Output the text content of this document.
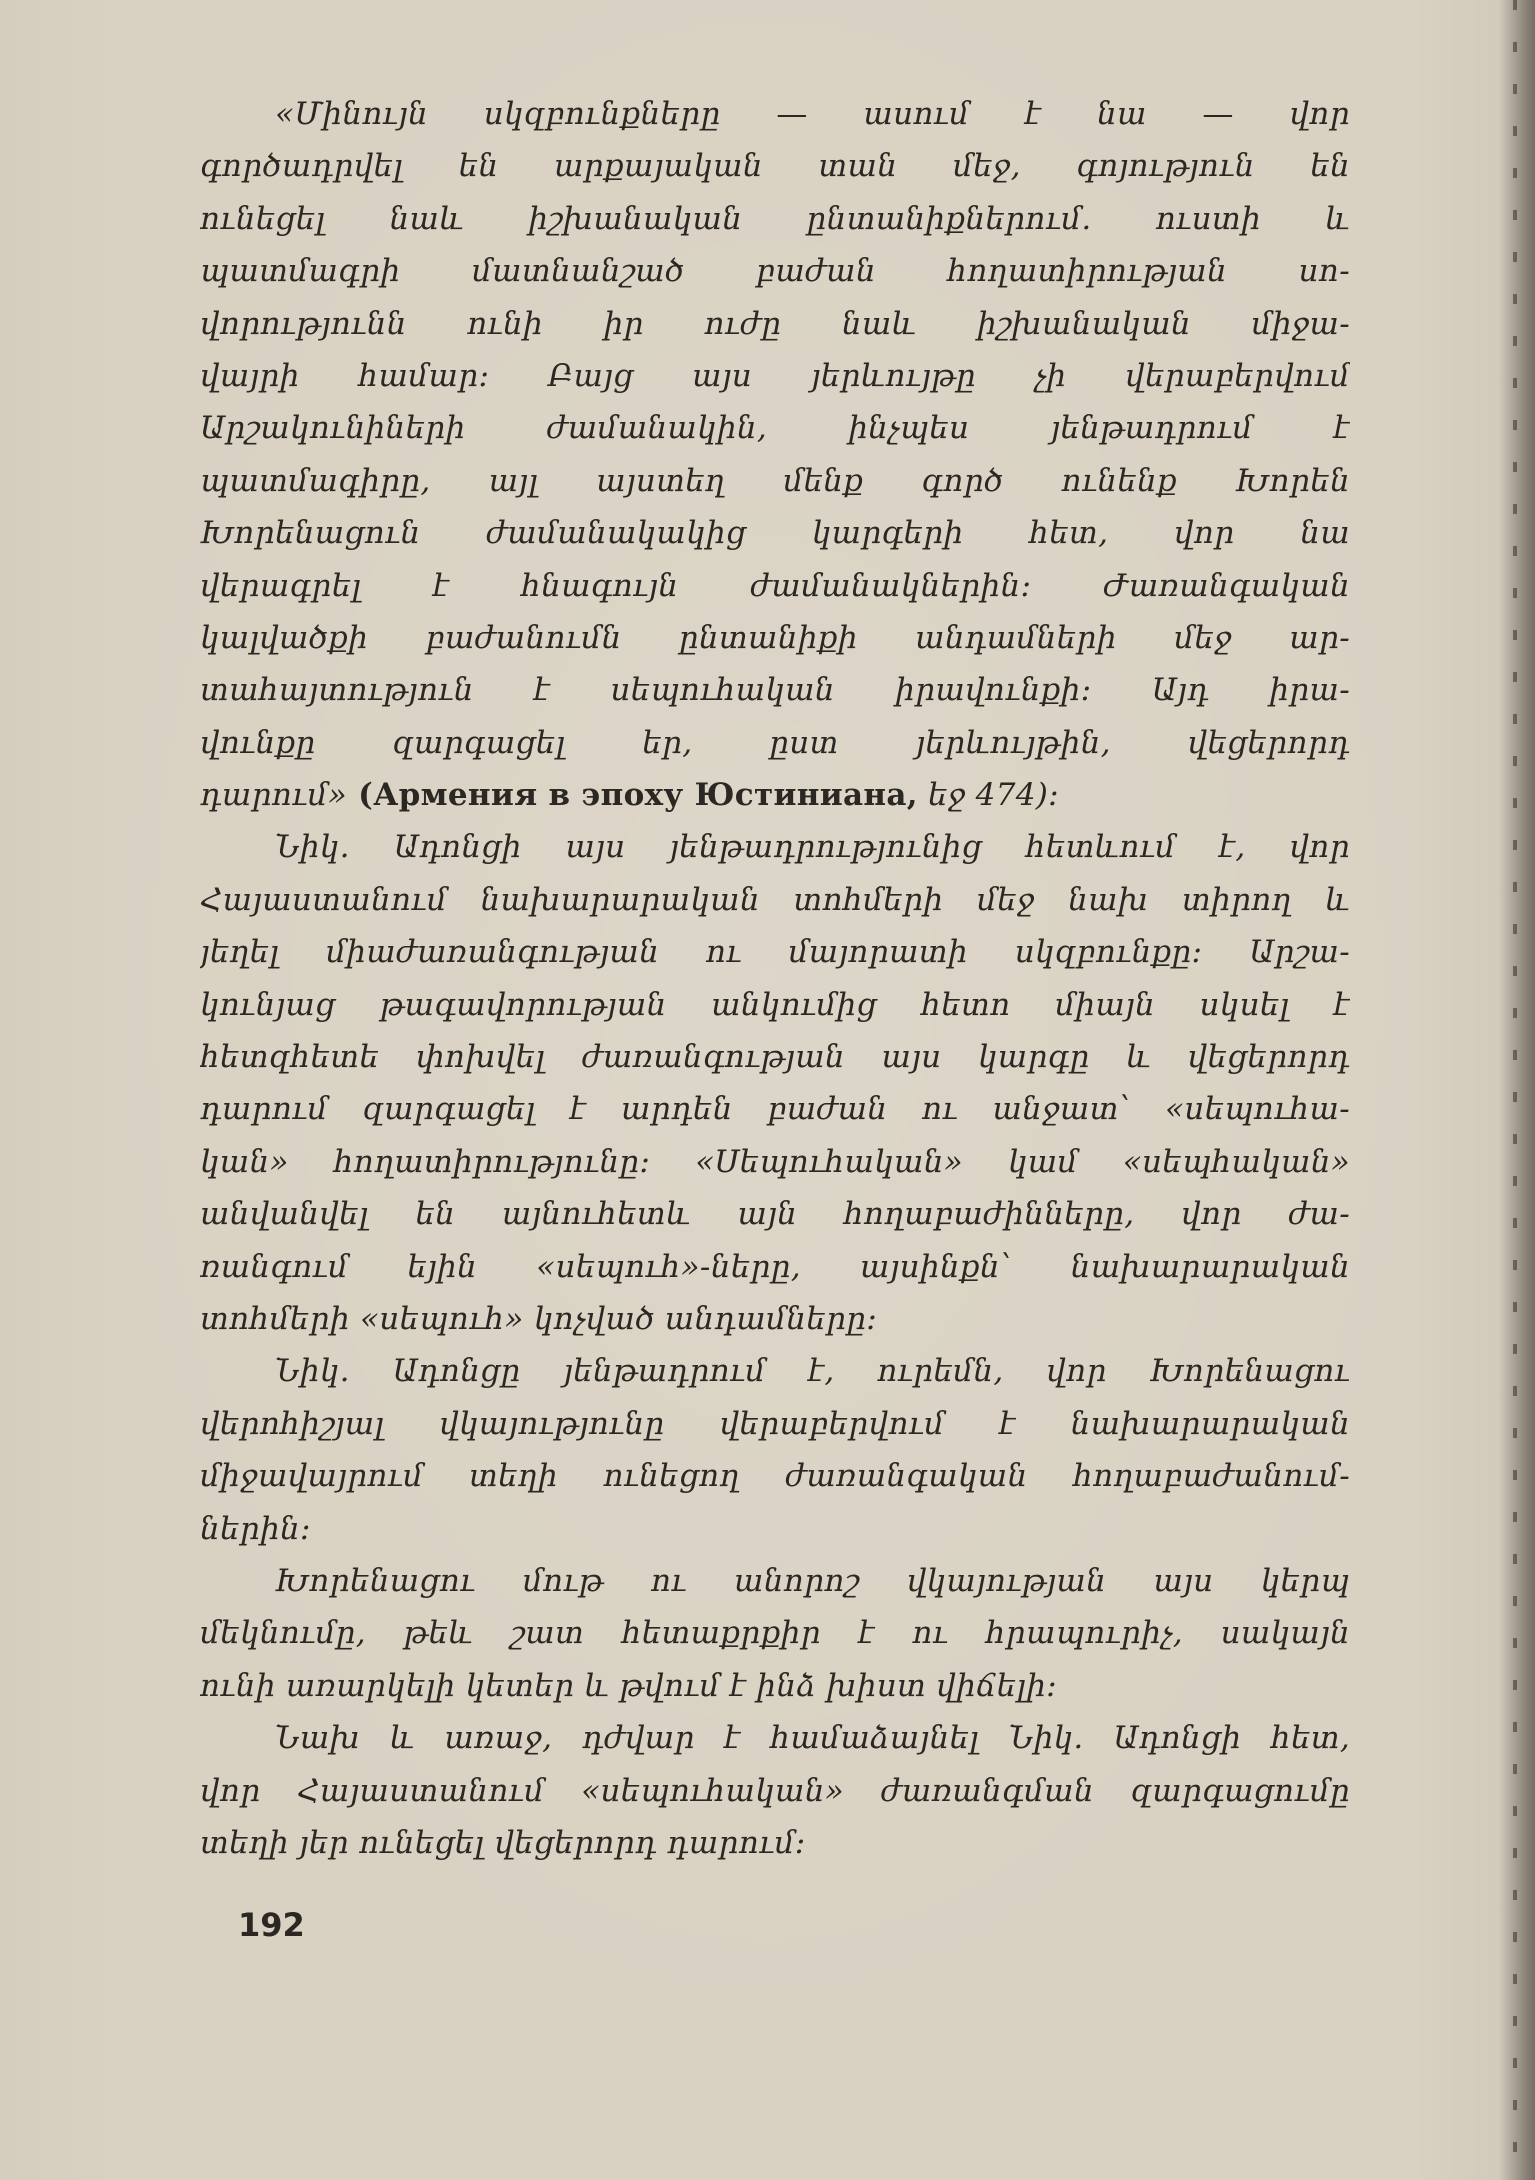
«Մինույն սկզբունքները — ասում է նա — վոր
գործադրվել են արքայական տան մեջ, գոյություն են
ունեցել նաև իշխանական ընտանիքներում. ուստի և
պատմագրի մատնանշած բաժան հողատիրության սո-
վորությունն ունի իր ուժը նաև իշխանական միջա-
վայրի համար։ Բայց այս յերևույթը չի վերաբերվում
Արշակունիների ժամանակին, ինչպես յենթադրում է
պատմագիրը, այլ այստեղ մենք գործ ունենք Խորեն
Խորենացուն ժամանակակից կարգերի հետ, վոր նա
վերագրել է հնագույն ժամանակներին։ Ժառանգական
կալվածքի բաժանումն ընտանիքի անդամների մեջ ար-
տահայտություն է սեպուհական իրավունքի։ Այդ իրա-
վունքը զարգացել եր, ըստ յերևույթին, վեցերորդ
դարում» (Армения в эпоху Юстиниана, եջ 474)։
Նիկ. Ադոնցի այս յենթադրությունից հետևում է, վոր
Հայաստանում նախարարական տոհմերի մեջ նախ տիրող և
յեղել միաժառանգության ու մայորատի սկզբունքը։ Արշա-
կունյաց թագավորության անկումից հետո միայն սկսել է
հետզհետե փոխվել ժառանգության այս կարգը և վեցերորդ
դարում զարգացել է արդեն բաժան ու անջատ՝ «սեպուհա-
կան» հողատիրությունը։ «Սեպուհական» կամ «սեպհական»
անվանվել են այնուհետև այն հողաբաժինները, վոր ժա-
ռանգում եյին «սեպուհ»-ները, այսինքն՝ նախարարական
տոհմերի «սեպուհ» կոչված անդամները։
Նիկ. Ադոնցը յենթադրում է, ուրեմն, վոր Խորենացու
վերոհիշյալ վկայությունը վերաբերվում է նախարարական
միջավայրում տեղի ունեցող ժառանգական հողաբաժանում-
ներին։
Խորենացու մութ ու անորոշ վկայության այս կերպ
մեկնումը, թեև շատ հետաքրքիր է ու հրապուրիչ, սակայն
ունի առարկելի կետեր և թվում է ինձ խիստ վիճելի։
Նախ և առաջ, դժվար է համաձայնել Նիկ. Ադոնցի հետ,
վոր Հայաստանում «սեպուհական» ժառանգման զարգացումը
տեղի յեր ունեցել վեցերորդ դարում։
192
